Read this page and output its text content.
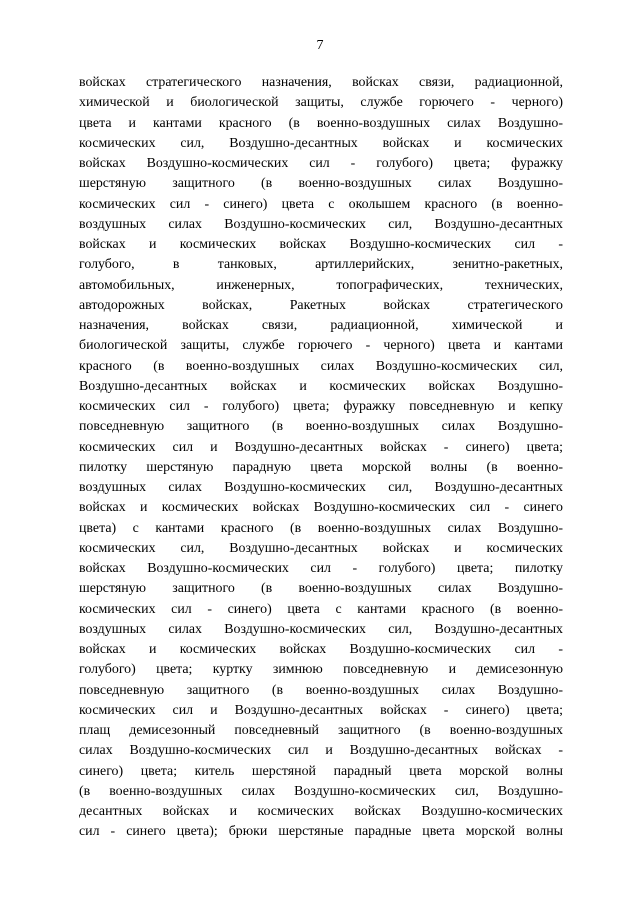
7
войсках стратегического назначения, войсках связи, радиационной,
химической и биологической защиты, службе горючего - черного)
цвета и кантами красного (в военно-воздушных силах Воздушно-
космических сил, Воздушно-десантных войсках и космических
войсках Воздушно-космических сил - голубого) цвета; фуражку
шерстяную защитного (в военно-воздушных силах Воздушно-
космических сил - синего) цвета с околышем красного (в военно-
воздушных силах Воздушно-космических сил, Воздушно-десантных
войсках и космических войсках Воздушно-космических сил -
голубого, в танковых, артиллерийских, зенитно-ракетных,
автомобильных, инженерных, топографических, технических,
автодорожных войсках, Ракетных войсках стратегического
назначения, войсках связи, радиационной, химической и
биологической защиты, службе горючего - черного) цвета и кантами
красного (в военно-воздушных силах Воздушно-космических сил,
Воздушно-десантных войсках и космических войсках Воздушно-
космических сил - голубого) цвета; фуражку повседневную и кепку
повседневную защитного (в военно-воздушных силах Воздушно-
космических сил и Воздушно-десантных войсках - синего) цвета;
пилотку шерстяную парадную цвета морской волны (в военно-
воздушных силах Воздушно-космических сил, Воздушно-десантных
войсках и космических войсках Воздушно-космических сил - синего
цвета) с кантами красного (в военно-воздушных силах Воздушно-
космических сил, Воздушно-десантных войсках и космических
войсках Воздушно-космических сил - голубого) цвета; пилотку
шерстяную защитного (в военно-воздушных силах Воздушно-
космических сил - синего) цвета с кантами красного (в военно-
воздушных силах Воздушно-космических сил, Воздушно-десантных
войсках и космических войсках Воздушно-космических сил -
голубого) цвета; куртку зимнюю повседневную и демисезонную
повседневную защитного (в военно-воздушных силах Воздушно-
космических сил и Воздушно-десантных войсках - синего) цвета;
плащ демисезонный повседневный защитного (в военно-воздушных
силах Воздушно-космических сил и Воздушно-десантных войсках -
синего) цвета; китель шерстяной парадный цвета морской волны
(в военно-воздушных силах Воздушно-космических сил, Воздушно-
десантных войсках и космических войсках Воздушно-космических
сил - синего цвета); брюки шерстяные парадные цвета морской волны
